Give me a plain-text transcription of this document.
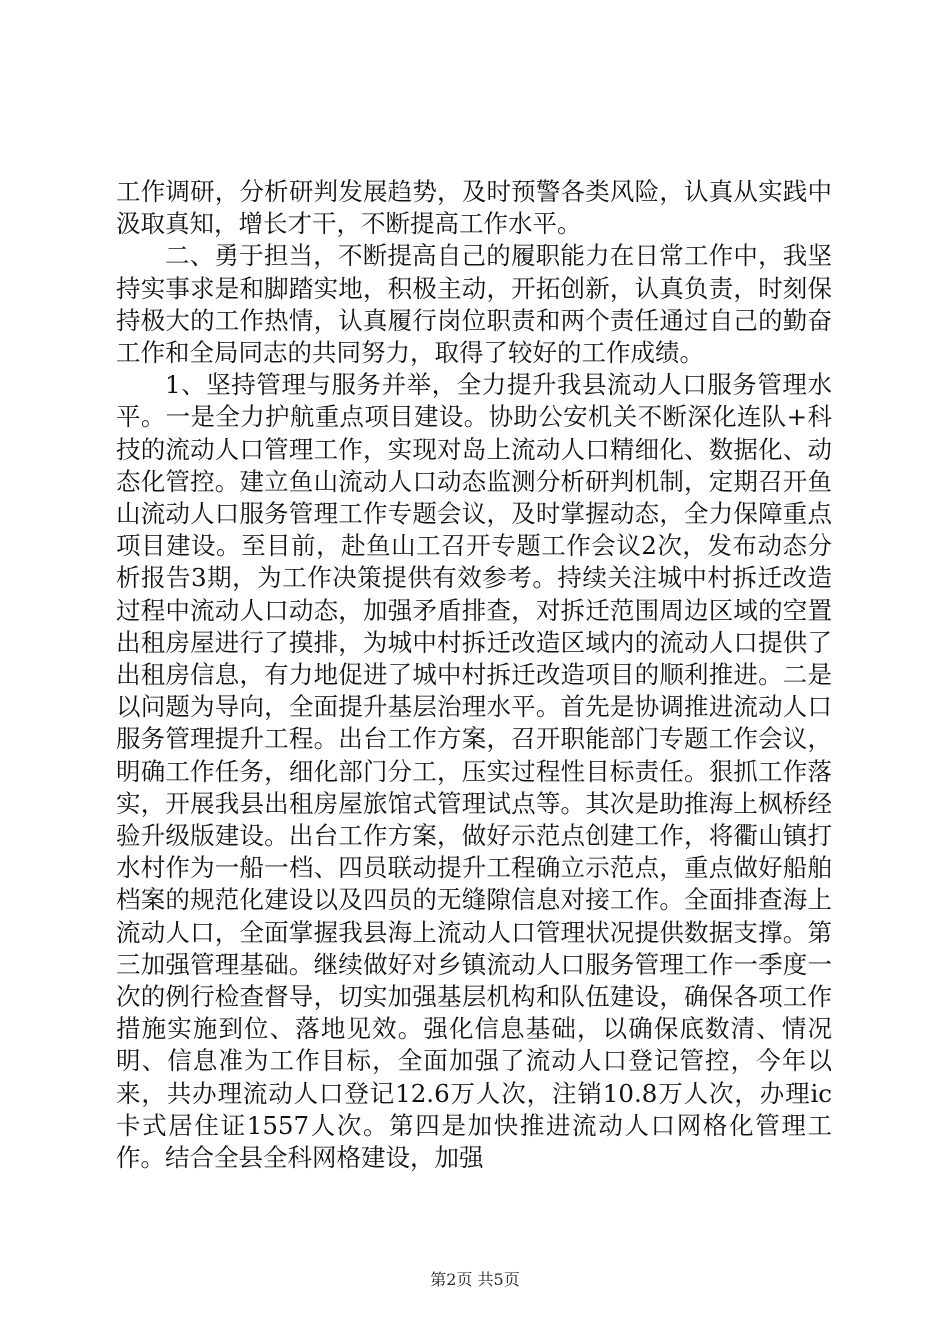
工作调研，分析研判发展趋势，及时预警各类风险，认真从实践中汲取真知，增长才干，不断提高工作水平。

二、勇于担当，不断提高自己的履职能力在日常工作中，我坚持实事求是和脚踏实地，积极主动，开拓创新，认真负责，时刻保持极大的工作热情，认真履行岗位职责和两个责任通过自己的勤奋工作和全局同志的共同努力，取得了较好的工作成绩。

1、坚持管理与服务并举，全力提升我县流动人口服务管理水平。一是全力护航重点项目建设。协助公安机关不断深化连队+科技的流动人口管理工作，实现对岛上流动人口精细化、数据化、动态化管控。建立鱼山流动人口动态监测分析研判机制，定期召开鱼山流动人口服务管理工作专题会议，及时掌握动态，全力保障重点项目建设。至目前，赴鱼山工召开专题工作会议2次，发布动态分析报告3期，为工作决策提供有效参考。持续关注城中村拆迁改造过程中流动人口动态，加强矛盾排查，对拆迁范围周边区域的空置出租房屋进行了摸排，为城中村拆迁改造区域内的流动人口提供了出租房信息，有力地促进了城中村拆迁改造项目的顺利推进。二是以问题为导向，全面提升基层治理水平。首先是协调推进流动人口服务管理提升工程。出台工作方案，召开职能部门专题工作会议，明确工作任务，细化部门分工，压实过程性目标责任。狠抓工作落实，开展我县出租房屋旅馆式管理试点等。其次是助推海上枫桥经验升级版建设。出台工作方案，做好示范点创建工作，将衢山镇打水村作为一船一档、四员联动提升工程确立示范点，重点做好船舶档案的规范化建设以及四员的无缝隙信息对接工作。全面排查海上流动人口，全面掌握我县海上流动人口管理状况提供数据支撑。第三加强管理基础。继续做好对乡镇流动人口服务管理工作一季度一次的例行检查督导，切实加强基层机构和队伍建设，确保各项工作措施实施到位、落地见效。强化信息基础，以确保底数清、情况明、信息准为工作目标，全面加强了流动人口登记管控，今年以来，共办理流动人口登记12.6万人次，注销10.8万人次，办理ic卡式居住证1557人次。第四是加快推进流动人口网格化管理工作。结合全县全科网格建设，加强

第2页 共5页
